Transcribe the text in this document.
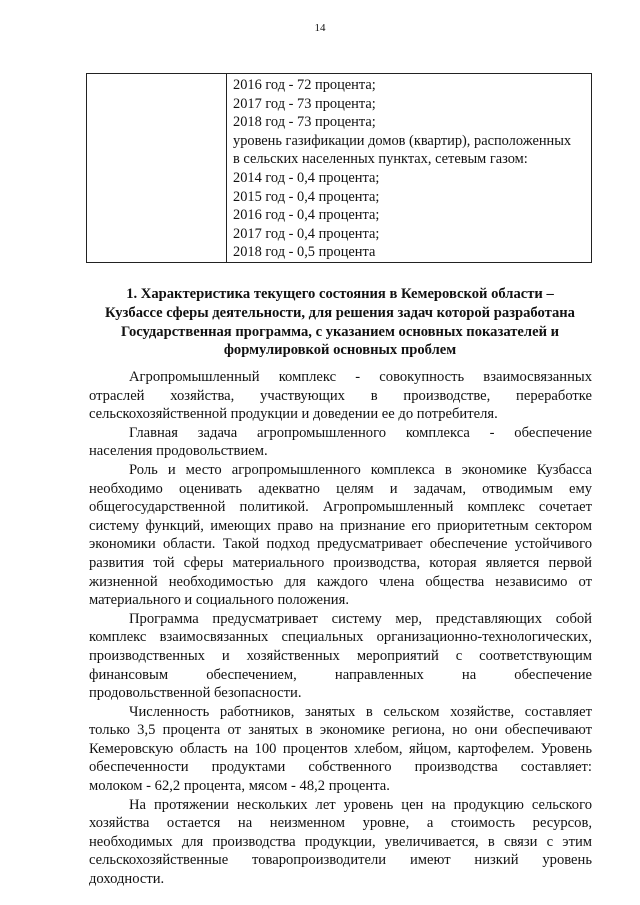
14

2016 год - 72 процента;
2017 год - 73 процента;
2018 год - 73 процента;
уровень газификации домов (квартир), расположенных
в сельских населенных пунктах, сетевым газом:
2014 год - 0,4 процента;
2015 год - 0,4 процента;
2016 год - 0,4 процента;
2017 год - 0,4 процента;
2018 год - 0,5 процента
1. Характеристика текущего состояния в Кемеровской области –
Кузбассе сферы деятельности, для решения задач которой разработана
Государственная программа, с указанием основных показателей и
формулировкой основных проблем
Агропромышленный комплекс - совокупность взаимосвязанных
отраслей хозяйства, участвующих в производстве, переработке
сельскохозяйственной продукции и доведении ее до потребителя.
Главная задача агропромышленного комплекса - обеспечение
населения продовольствием.
Роль и место агропромышленного комплекса в экономике Кузбасса
необходимо оценивать адекватно целям и задачам, отводимым ему
общегосударственной политикой. Агропромышленный комплекс сочетает
систему функций, имеющих право на признание его приоритетным сектором
экономики области. Такой подход предусматривает обеспечение устойчивого
развития той сферы материального производства, которая является первой
жизненной необходимостью для каждого члена общества независимо от
материального и социального положения.
Программа предусматривает систему мер, представляющих собой
комплекс взаимосвязанных специальных организационно-технологических,
производственных и хозяйственных мероприятий с соответствующим
финансовым обеспечением, направленных на обеспечение
продовольственной безопасности.
Численность работников, занятых в сельском хозяйстве, составляет
только 3,5 процента от занятых в экономике региона, но они обеспечивают
Кемеровскую область на 100 процентов хлебом, яйцом, картофелем. Уровень
обеспеченности продуктами собственного производства составляет:
молоком - 62,2 процента, мясом - 48,2 процента.
На протяжении нескольких лет уровень цен на продукцию сельского
хозяйства остается на неизменном уровне, а стоимость ресурсов,
необходимых для производства продукции, увеличивается, в связи с этим
сельскохозяйственные товаропроизводители имеют низкий уровень
доходности.
